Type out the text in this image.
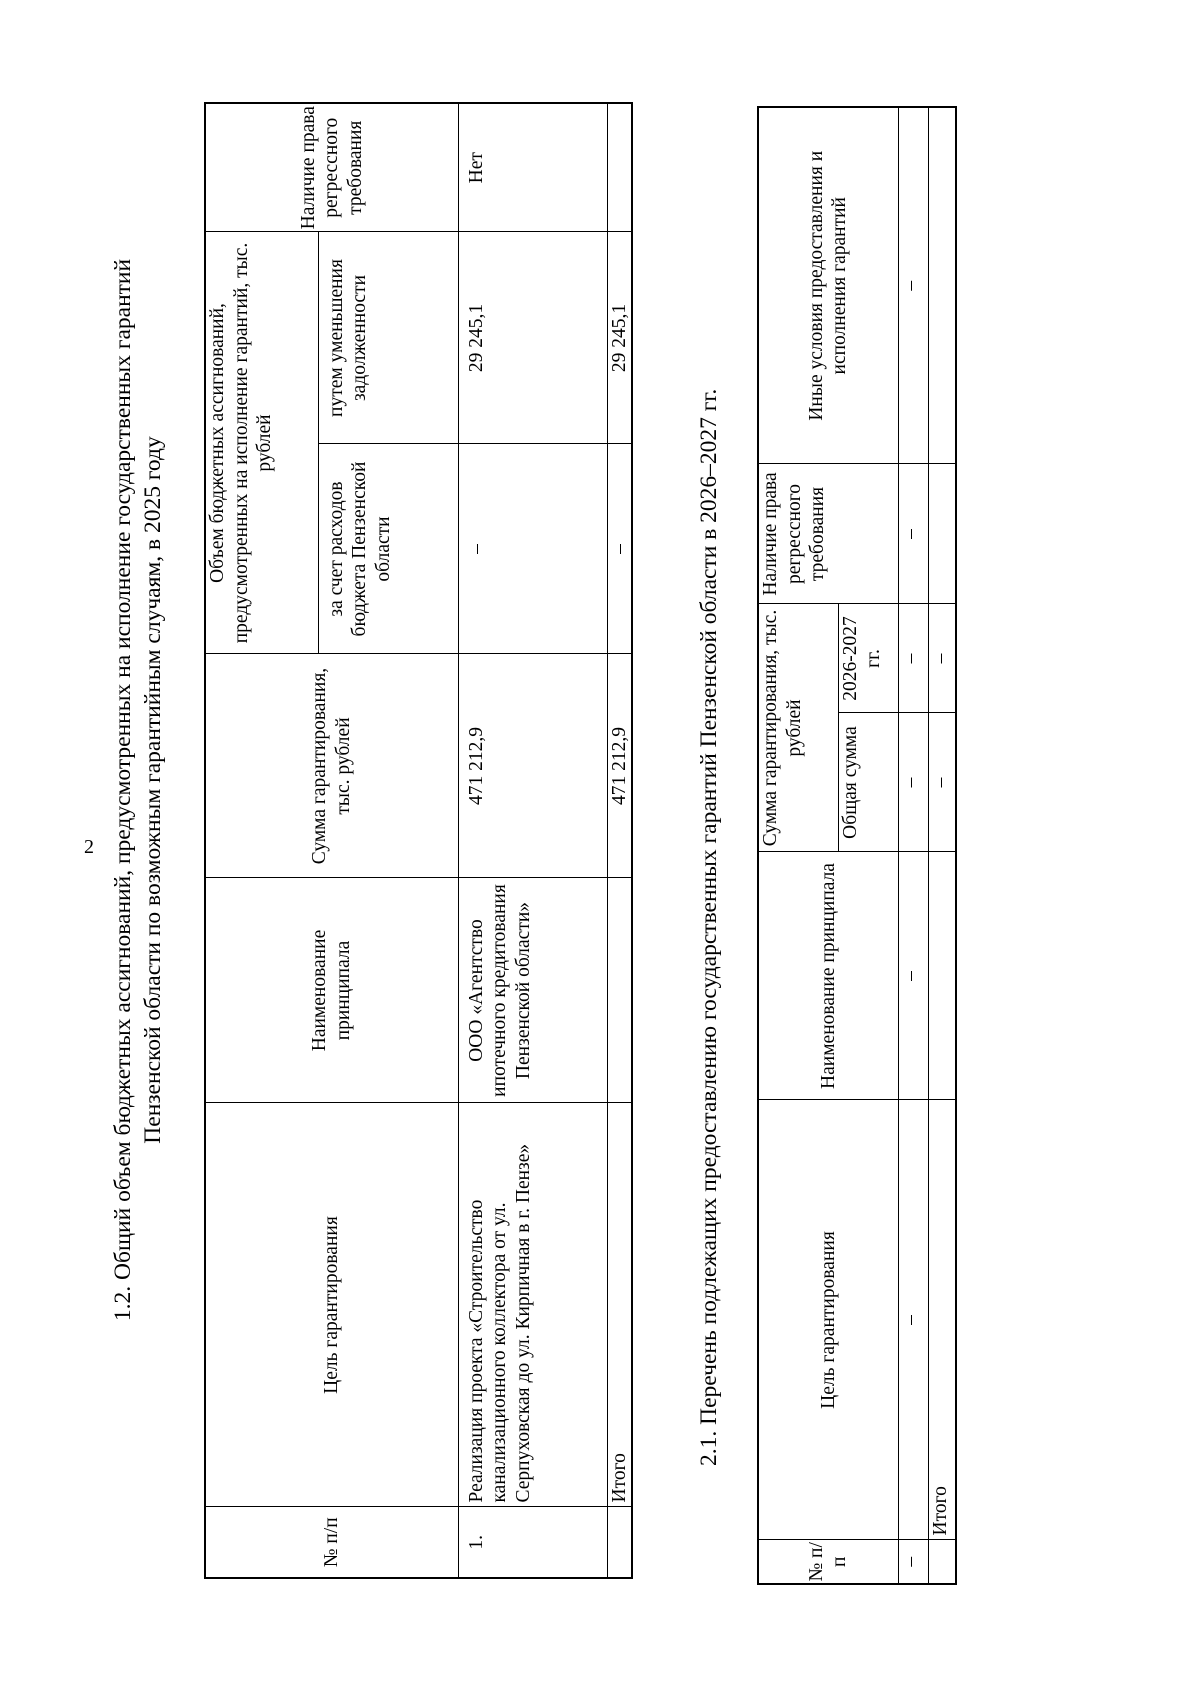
2 1.2. Общий объем бюджетных ассигнований, предусмотренных на исполнение государственных гарантий Пензенской области по возможным гарантийным случаям, в 2025 году
№ п/п	Цель гарантирования	Наименование принципала	Сумма гарантирования, тыс. рублей	Объем бюджетных ассигнований, предусмотренных на исполнение гарантий, тыс. рублей		Наличие права регрессного требования
				за счет расходов бюджета Пензенской области	путем уменьшения задолженности	
1.	Реализация проекта «Строительство канализационного коллектора от ул. Серпуховская до ул. Кирпичная в г. Пензе»	ООО «Агентство ипотечного кредитования Пензенской области»	471 212,9	–	29 245,1	Нет
	Итого		471 212,9	–	29 245,1	
2.1. Перечень подлежащих предоставлению государственных гарантий Пензенской области в 2026–2027 гг.
№ п/п	Цель гарантирования	Наименование принципала	Сумма гарантирования, тыс. рублей		Наличие права регрессного требования	Иные условия предоставления и исполнения гарантий
			Общая сумма	2026-2027 гг.		
–	–	–	–	–	–	–
	Итого		–	–		
